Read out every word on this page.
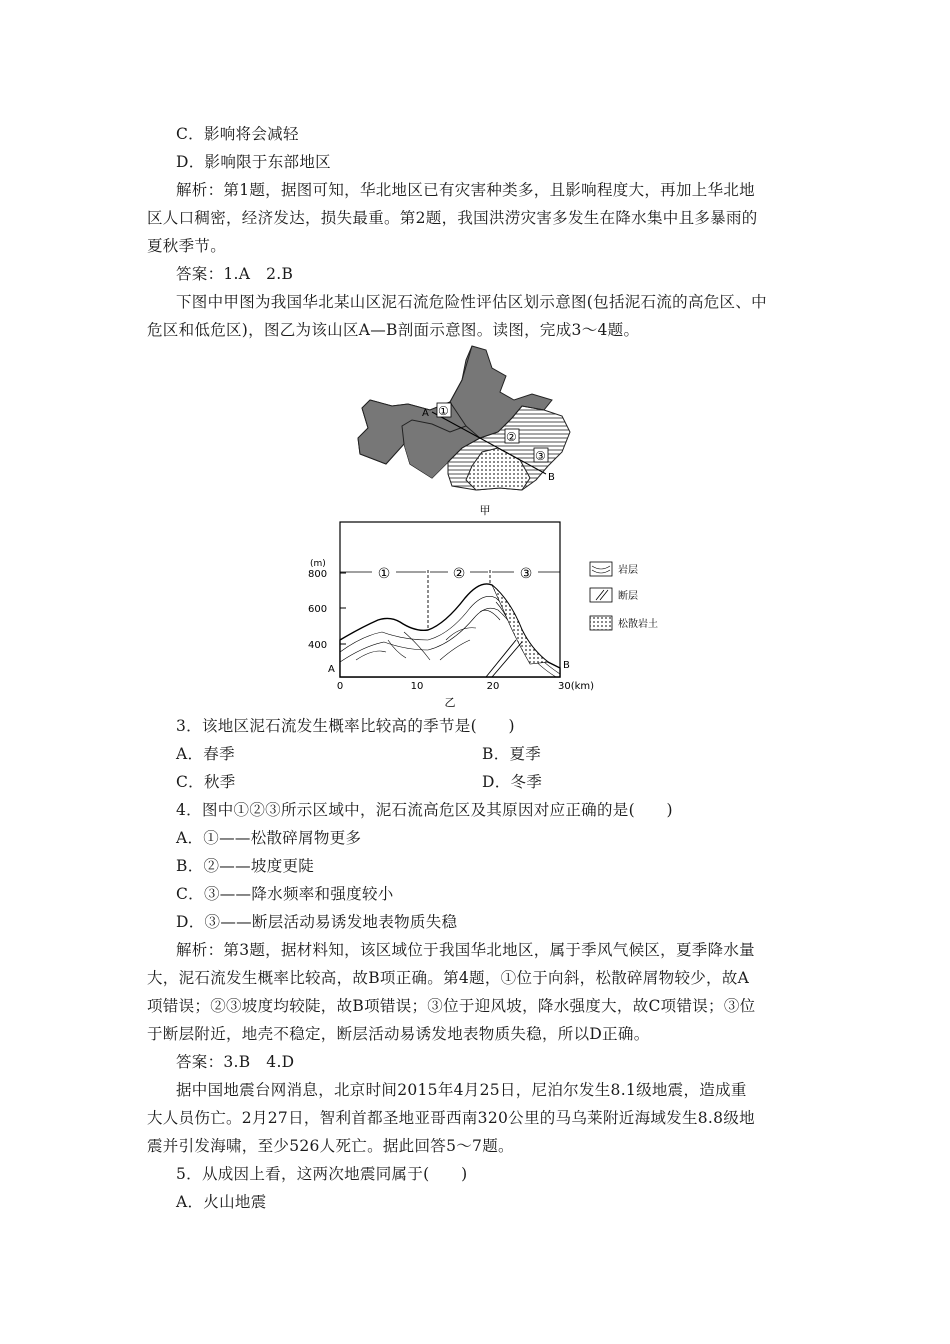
C．影响将会减轻
D．影响限于东部地区
解析：第1题，据图可知，华北地区已有灾害种类多，且影响程度大，再加上华北地
区人口稠密，经济发达，损失最重。第2题，我国洪涝灾害多发生在降水集中且多暴雨的
夏秋季节。
答案：1.A　2.B
下图中甲图为我国华北某山区泥石流危险性评估区划示意图(包括泥石流的高危区、中
危区和低危区)，图乙为该山区A—B剖面示意图。读图，完成3～4题。
A
B
①
②
③
甲
①	②	③
(m)
800
600
400
A	B
0	10	20	30(km)
乙
岩层
断层
松散岩土
3．该地区泥石流发生概率比较高的季节是(　　)
A．春季	B．夏季
C．秋季	D．冬季
4．图中①②③所示区域中，泥石流高危区及其原因对应正确的是(　　)
A．①——松散碎屑物更多
B．②——坡度更陡
C．③——降水频率和强度较小
D．③——断层活动易诱发地表物质失稳
解析：第3题，据材料知，该区域位于我国华北地区，属于季风气候区，夏季降水量
大，泥石流发生概率比较高，故B项正确。第4题，①位于向斜，松散碎屑物较少，故A
项错误；②③坡度均较陡，故B项错误；③位于迎风坡，降水强度大，故C项错误；③位
于断层附近，地壳不稳定，断层活动易诱发地表物质失稳，所以D正确。
答案：3.B　4.D
据中国地震台网消息，北京时间2015年4月25日，尼泊尔发生8.1级地震，造成重
大人员伤亡。2月27日，智利首都圣地亚哥西南320公里的马乌莱附近海域发生8.8级地
震并引发海啸，至少526人死亡。据此回答5～7题。
5．从成因上看，这两次地震同属于(　　)
A．火山地震
